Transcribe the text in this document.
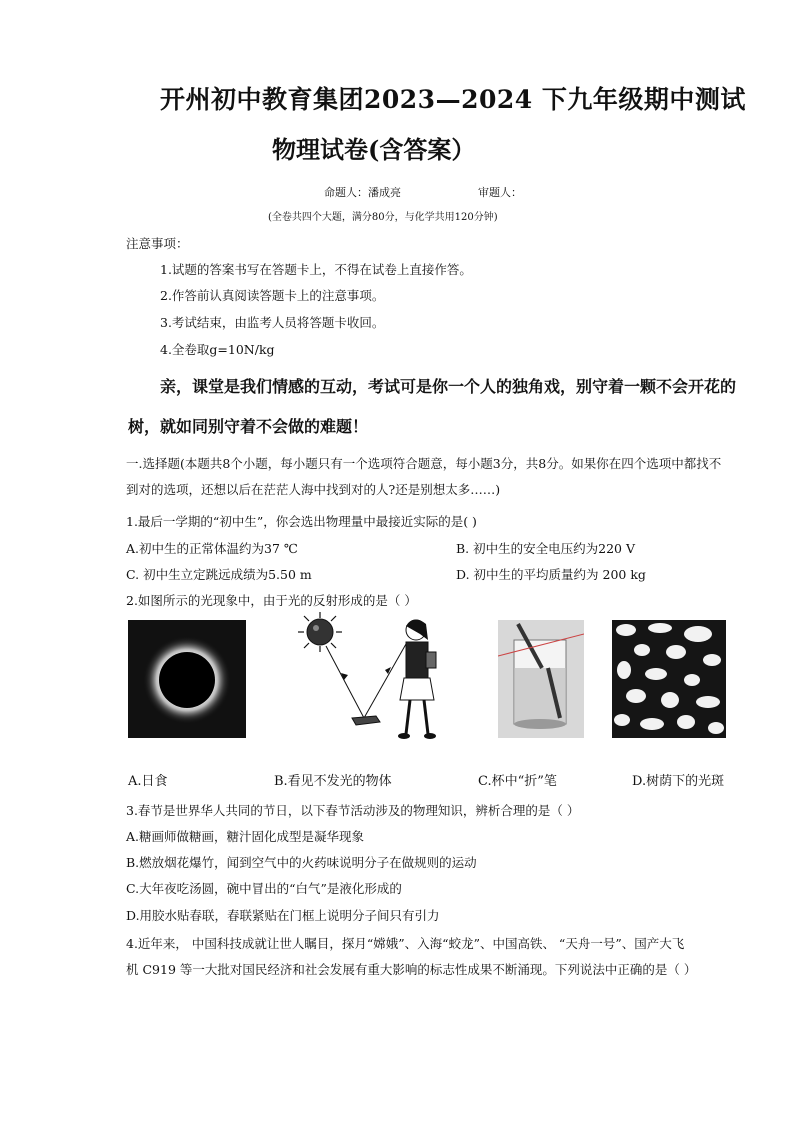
开州初中教育集团2023—2024 下九年级期中测试
物理试卷(含答案）
命题人：潘成亮	审题人：
(全卷共四个大题，满分80分，与化学共用120分钟)
注意事项：
1.试题的答案书写在答题卡上，不得在试卷上直接作答。
2.作答前认真阅读答题卡上的注意事项。
3.考试结束，由监考人员将答题卡收回。
4.全卷取g=10N/kg
亲，课堂是我们情感的互动，考试可是你一个人的独角戏，别守着一颗不会开花的
树，就如同别守着不会做的难题！
一.选择题(本题共8个小题，每小题只有一个选项符合题意，每小题3分，共8分。如果你在四个选项中都找不
到对的选项，还想以后在茫茫人海中找到对的人?还是别想太多……)
1.最后一学期的“初中生”，你会选出物理量中最接近实际的是( )
A.初中生的正常体温约为37 ℃	B. 初中生的安全电压约为220 V
C. 初中生立定跳远成绩为5.50 m	D. 初中生的平均质量约为 200 kg
2.如图所示的光现象中，由于光的反射形成的是（ ）
A.日食	B.看见不发光的物体	C.杯中“折”笔	D.树荫下的光斑
3.春节是世界华人共同的节日，以下春节活动涉及的物理知识，辨析合理的是（ ）
A.糖画师做糖画，糖汁固化成型是凝华现象
B.燃放烟花爆竹，闻到空气中的火药味说明分子在做规则的运动
C.大年夜吃汤圆，碗中冒出的“白气”是液化形成的
D.用胶水贴春联，春联紧贴在门框上说明分子间只有引力
4.近年来， 中国科技成就让世人瞩目，探月“嫦娥”、入海“蛟龙”、中国高铁、 “天舟一号”、国产大飞
机 C919 等一大批对国民经济和社会发展有重大影响的标志性成果不断涌现。下列说法中正确的是（ ）
